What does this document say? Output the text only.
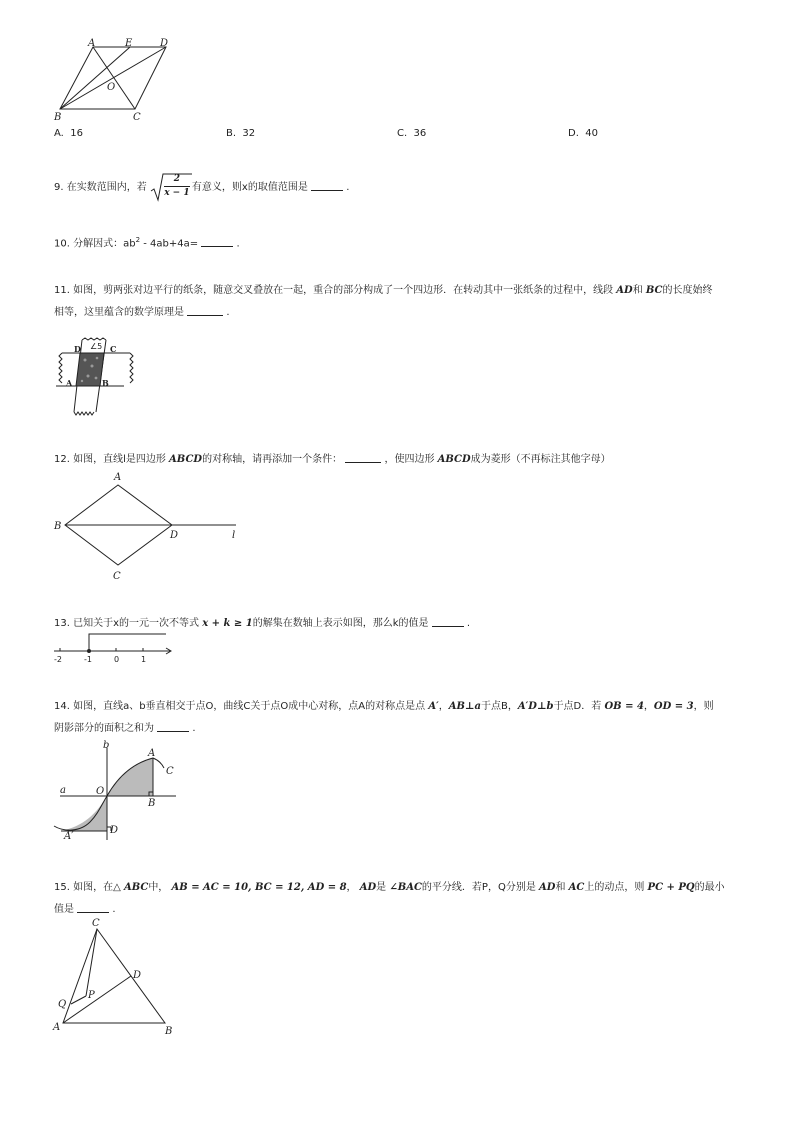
A	E	D
O
B	C
A. 16	B. 32	C. 36	D. 40
9. 在实数范围内，若 $\frac{2}{x - 1}$ 有意义，则x的取值范围是	.
10. 分解因式：$ab^2 - 4ab+4a=$	.
11. 如图，剪两张对边平行的纸条，随意交叉叠放在一起，重合的部分构成了一个四边形．在转动其中一张纸条的过程中，线段 AD和 BC的长度始终
相等，这里蕴含的数学原理是	.
D ∠5 C
A	B
12. 如图，直线l是四边形 ABCD的对称轴，请再添加一个条件：	，使四边形 ABCD成为菱形（不再标注其他字母）
A
B
D
C
l
13. 已知关于x的一元一次不等式 x + k ≥ 1的解集在数轴上表示如图，那么k的值是	.
-2	-1	0	1
14. 如图，直线a、b垂直相交于点O，曲线C关于点O成中心对称，点A的对称点是点 A′，AB⊥a于点B，A′D⊥b于点D．若 OB = 4，OD = 3，则
阴影部分的面积之和为	.
b
a	O
A
C
B
D
A′
15. 如图，在△ ABC中， AB = AC = 10, BC = 12, AD = 8， AD是 ∠BAC的平分线．若P，Q分别是 AD和 AC上的动点，则 PC + PQ的最小
值是	.
C
D
Q
P
A	B
